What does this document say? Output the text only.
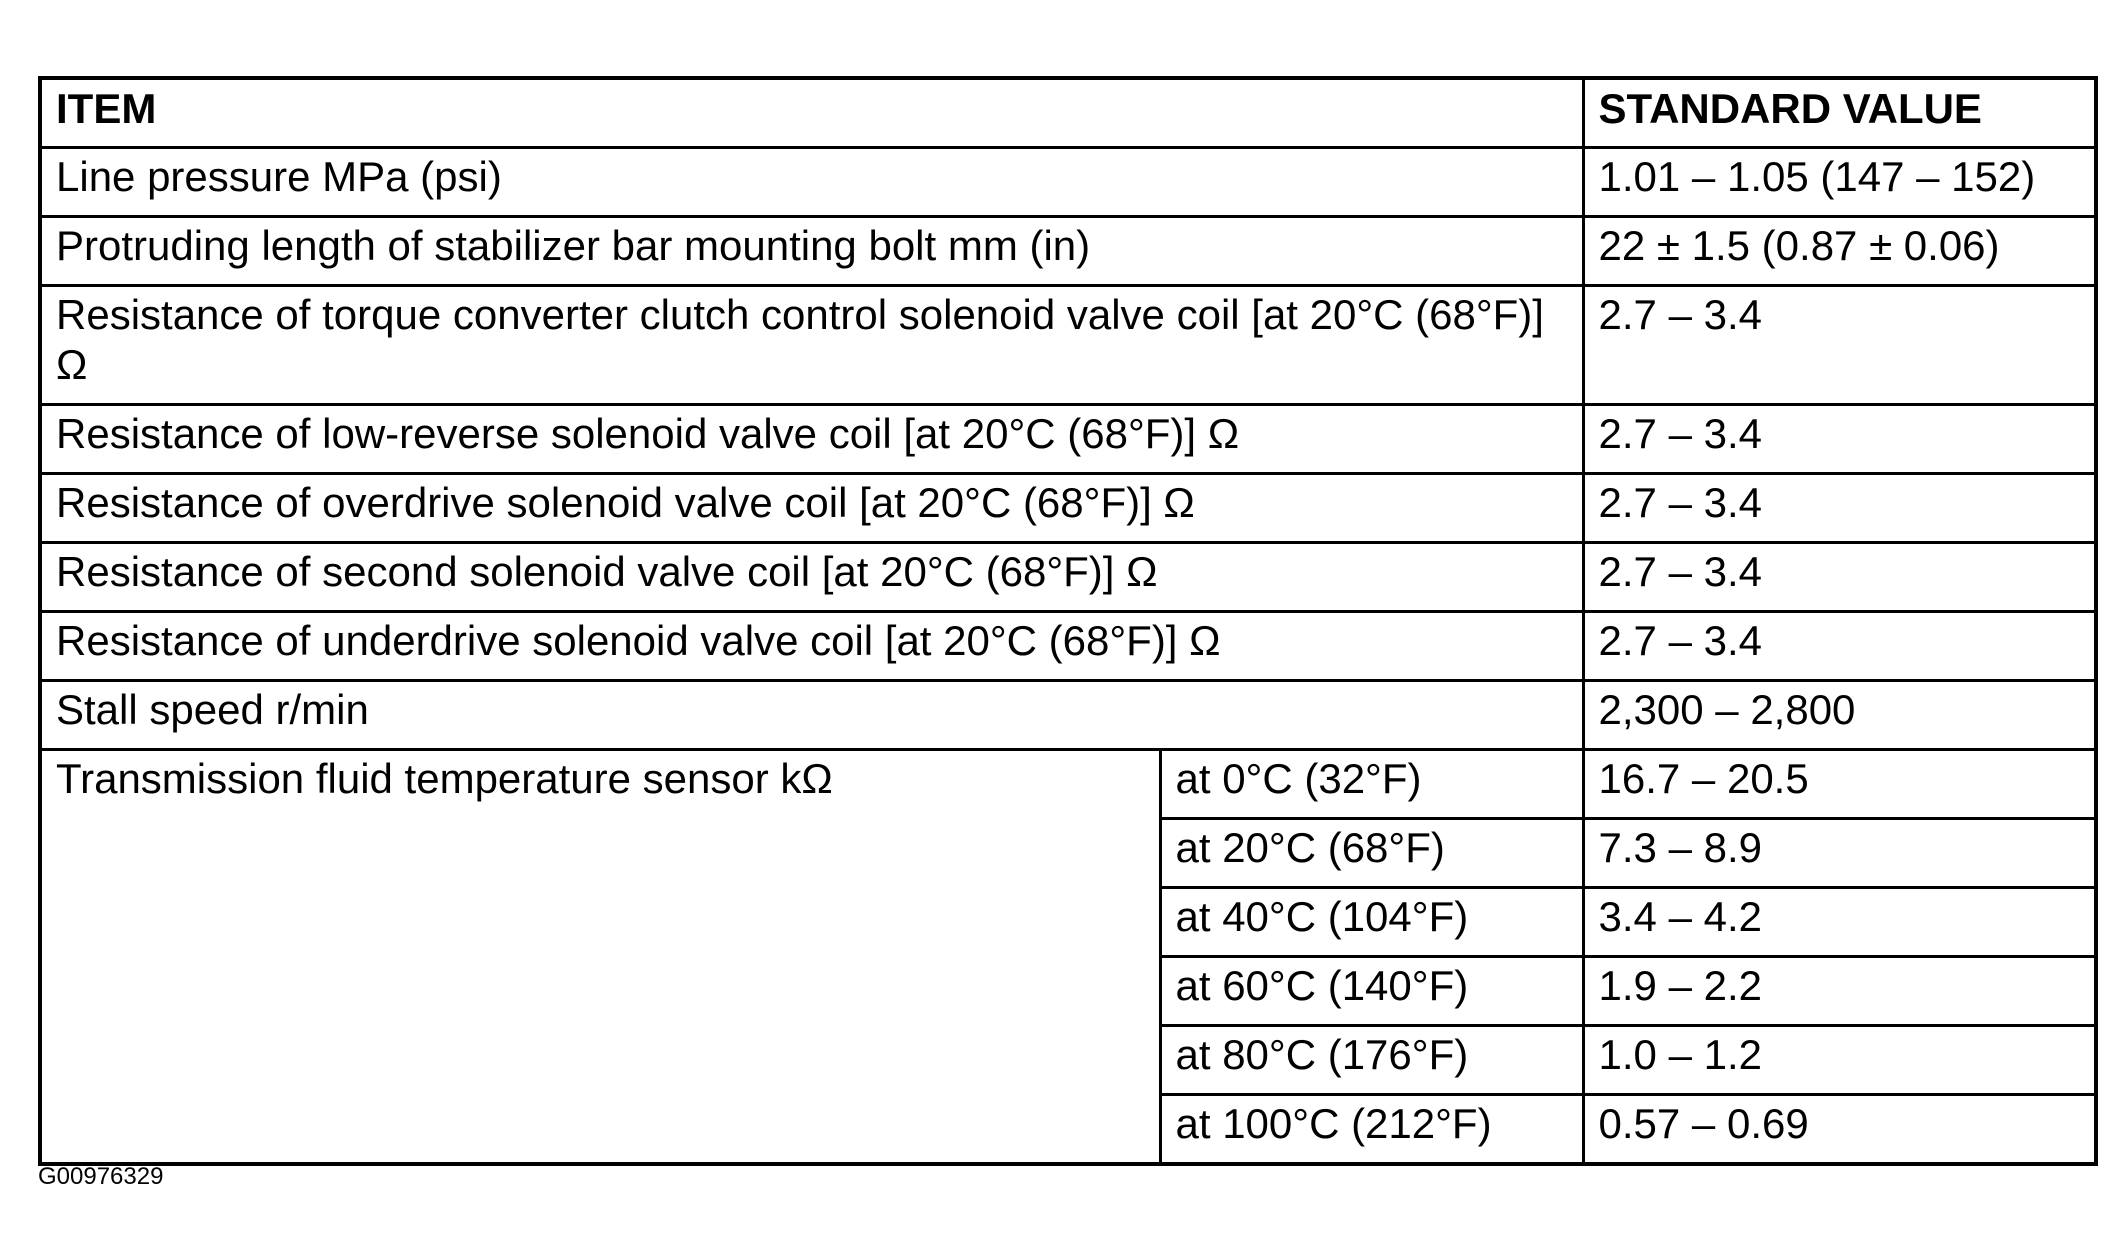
ITEM		STANDARD VALUE
Line pressure MPa (psi)		1.01 – 1.05 (147 – 152)
Protruding length of stabilizer bar mounting bolt mm (in)		22 ± 1.5 (0.87 ± 0.06)
Resistance of torque converter clutch control solenoid valve coil [at 20°C (68°F)] Ω		2.7 – 3.4
Resistance of low-reverse solenoid valve coil [at 20°C (68°F)] Ω		2.7 – 3.4
Resistance of overdrive solenoid valve coil [at 20°C (68°F)] Ω		2.7 – 3.4
Resistance of second solenoid valve coil [at 20°C (68°F)] Ω		2.7 – 3.4
Resistance of underdrive solenoid valve coil [at 20°C (68°F)] Ω		2.7 – 3.4
Stall speed r/min		2,300 – 2,800
Transmission fluid temperature sensor kΩ	at 0°C (32°F)	16.7 – 20.5
	at 20°C (68°F)	7.3 – 8.9
	at 40°C (104°F)	3.4 – 4.2
	at 60°C (140°F)	1.9 – 2.2
	at 80°C (176°F)	1.0 – 1.2
	at 100°C (212°F)	0.57 – 0.69
G00976329
